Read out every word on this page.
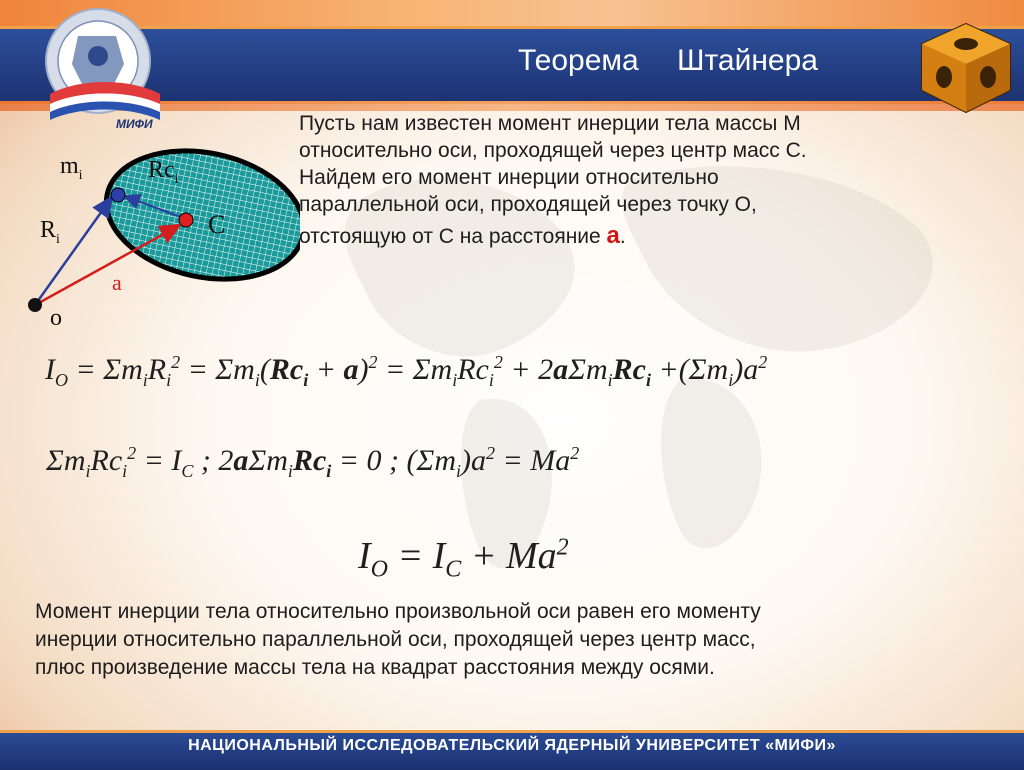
МИФИ
Теорема Штайнера
Пусть нам известен момент инерции тела массы М
относительно оси, проходящей через центр масс С.
Найдем его момент инерции относительно
параллельной оси, проходящей через точку О,
отстоящую от С на расстояние а.
$m_i$	$Rc_i$
C
$R_i$
a
o
$I_O = \Sigma m_iR_i^2 = \Sigma m_i(Rc_i + a)^2 = \Sigma m_iRc_i^2 + 2a\Sigma m_iRc_i +(\Sigma m_i)a^2$
$\Sigma m_iRc_i^2 = I_C$ ; $2a\Sigma m_iRc_i = 0$ ; $(\Sigma m_i)a^2 = Ma^2$
$I_O = I_C + Ma^2$
Момент инерции тела относительно произвольной оси равен его моменту
инерции относительно параллельной оси, проходящей через центр масс,
плюс произведение массы тела на квадрат расстояния между осями.
НАЦИОНАЛЬНЫЙ ИССЛЕДОВАТЕЛЬСКИЙ ЯДЕРНЫЙ УНИВЕРСИТЕТ «МИФИ»
